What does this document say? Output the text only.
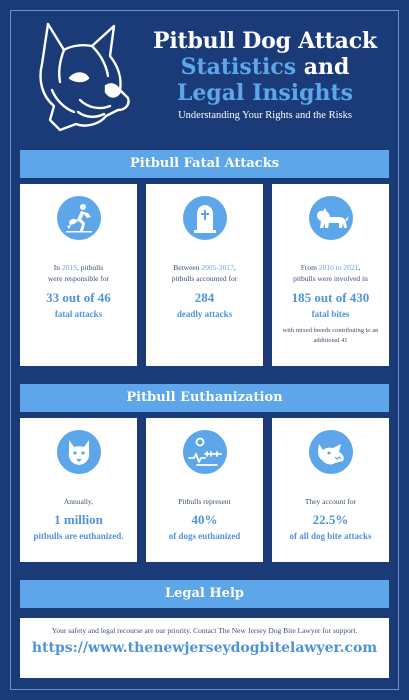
Pitbull Dog Attack
Statistics and
Legal Insights
Understanding Your Rights and the Risks
Pitbull Fatal Attacks
In 2019, pitbulls
were responsible for
33 out of 46
fatal attacks
Between 2005-2017,
pitbulls accounted for
284
deadly attacks
From 2010 to 2021,
pitbulls were involved in
185 out of 430
fatal bites
with mixed breeds contributing to an additional 41
Pitbull Euthanization
Annually,
1 million
pitbulls are euthanized.
Pitbulls represent
40%
of dogs euthanized
They account for
22.5%
of all dog bite attacks
Legal Help
Your safety and legal recourse are our priority. Contact The New Jersey Dog Bite Lawyer for support.
https://www.thenewjerseydogbitelawyer.com
